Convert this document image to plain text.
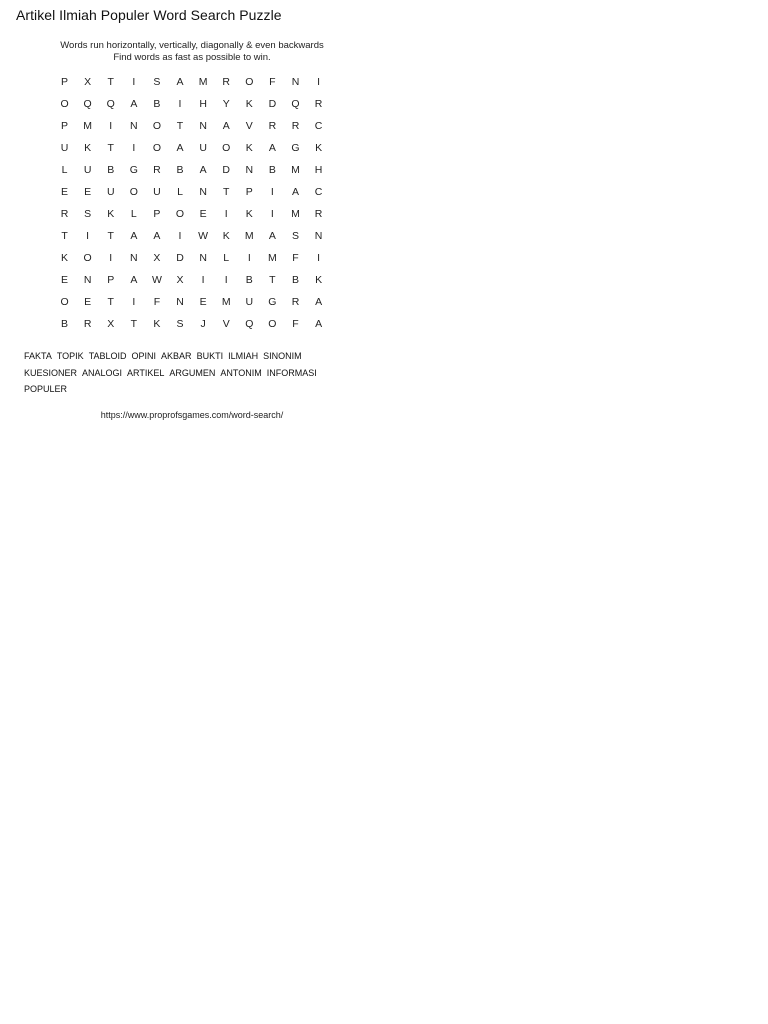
Artikel Ilmiah Populer Word Search Puzzle
Words run horizontally, vertically, diagonally & even backwards
Find words as fast as possible to win.
P	X	T	I	S	A	M	R	O	F	N	I
O	Q	Q	A	B	I	H	Y	K	D	Q	R
P	M	I	N	O	T	N	A	V	R	R	C
U	K	T	I	O	A	U	O	K	A	G	K
L	U	B	G	R	B	A	D	N	B	M	H
E	E	U	O	U	L	N	T	P	I	A	C
R	S	K	L	P	O	E	I	K	I	M	R
T	I	T	A	A	I	W	K	M	A	S	N
K	O	I	N	X	D	N	L	I	M	F	I
E	N	P	A	W	X	I	I	B	T	B	K
O	E	T	I	F	N	E	M	U	G	R	A
B	R	X	T	K	S	J	V	Q	O	F	A
FAKTA TOPIK TABLOID OPINI AKBAR BUKTI ILMIAH SINONIM
KUESIONER ANALOGI ARTIKEL ARGUMEN ANTONIM INFORMASI
POPULER
https://www.proprofsgames.com/word-search/
